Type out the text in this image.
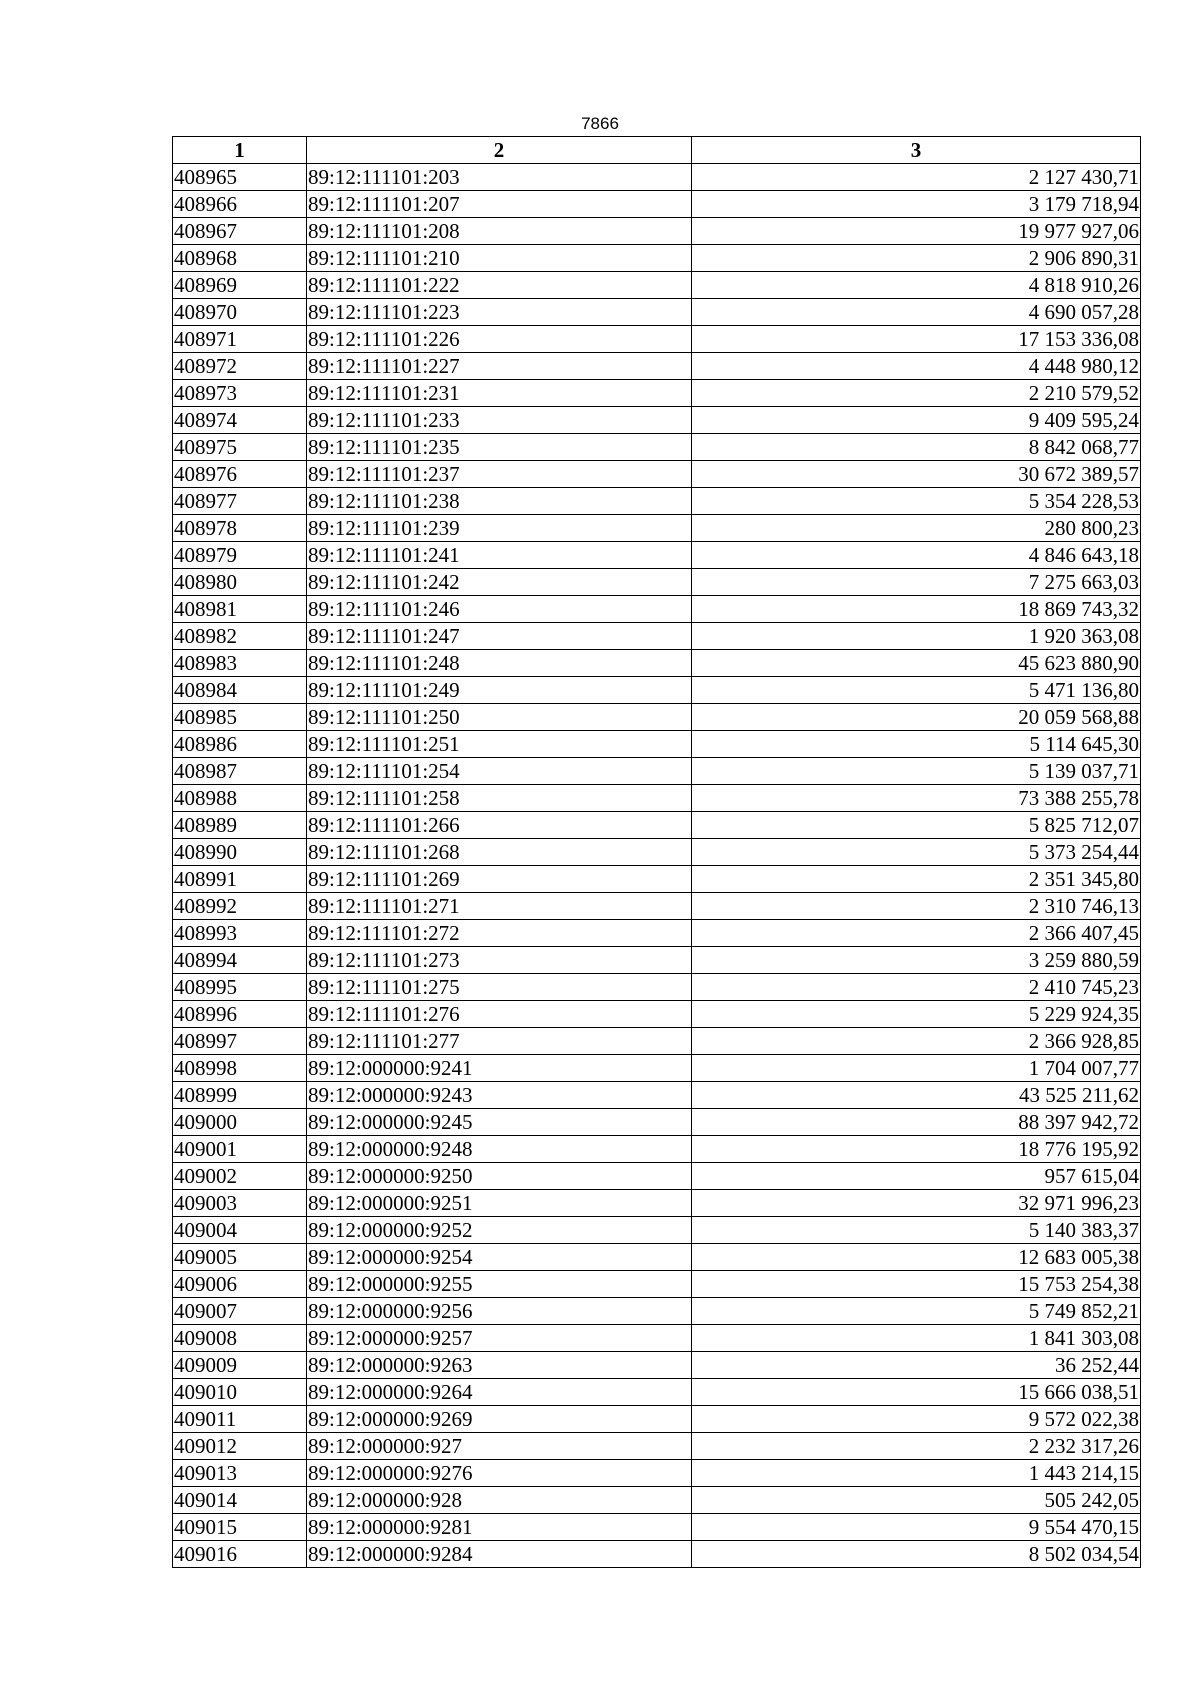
7866
1	2	3
408965	89:12:111101:203	2 127 430,71
408966	89:12:111101:207	3 179 718,94
408967	89:12:111101:208	19 977 927,06
408968	89:12:111101:210	2 906 890,31
408969	89:12:111101:222	4 818 910,26
408970	89:12:111101:223	4 690 057,28
408971	89:12:111101:226	17 153 336,08
408972	89:12:111101:227	4 448 980,12
408973	89:12:111101:231	2 210 579,52
408974	89:12:111101:233	9 409 595,24
408975	89:12:111101:235	8 842 068,77
408976	89:12:111101:237	30 672 389,57
408977	89:12:111101:238	5 354 228,53
408978	89:12:111101:239	280 800,23
408979	89:12:111101:241	4 846 643,18
408980	89:12:111101:242	7 275 663,03
408981	89:12:111101:246	18 869 743,32
408982	89:12:111101:247	1 920 363,08
408983	89:12:111101:248	45 623 880,90
408984	89:12:111101:249	5 471 136,80
408985	89:12:111101:250	20 059 568,88
408986	89:12:111101:251	5 114 645,30
408987	89:12:111101:254	5 139 037,71
408988	89:12:111101:258	73 388 255,78
408989	89:12:111101:266	5 825 712,07
408990	89:12:111101:268	5 373 254,44
408991	89:12:111101:269	2 351 345,80
408992	89:12:111101:271	2 310 746,13
408993	89:12:111101:272	2 366 407,45
408994	89:12:111101:273	3 259 880,59
408995	89:12:111101:275	2 410 745,23
408996	89:12:111101:276	5 229 924,35
408997	89:12:111101:277	2 366 928,85
408998	89:12:000000:9241	1 704 007,77
408999	89:12:000000:9243	43 525 211,62
409000	89:12:000000:9245	88 397 942,72
409001	89:12:000000:9248	18 776 195,92
409002	89:12:000000:9250	957 615,04
409003	89:12:000000:9251	32 971 996,23
409004	89:12:000000:9252	5 140 383,37
409005	89:12:000000:9254	12 683 005,38
409006	89:12:000000:9255	15 753 254,38
409007	89:12:000000:9256	5 749 852,21
409008	89:12:000000:9257	1 841 303,08
409009	89:12:000000:9263	36 252,44
409010	89:12:000000:9264	15 666 038,51
409011	89:12:000000:9269	9 572 022,38
409012	89:12:000000:927	2 232 317,26
409013	89:12:000000:9276	1 443 214,15
409014	89:12:000000:928	505 242,05
409015	89:12:000000:9281	9 554 470,15
409016	89:12:000000:9284	8 502 034,54
